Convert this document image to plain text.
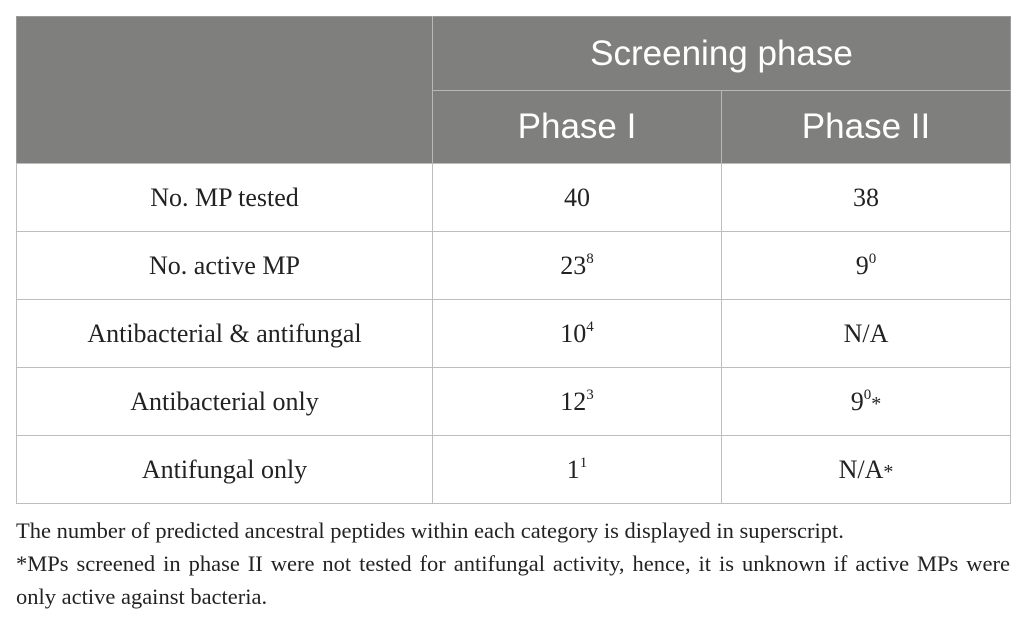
	Screening phase	
	Phase I	Phase II
No. MP tested	40	38
No. active MP	$23^8$	$9^0$
Antibacterial & antifungal	$10^4$	N/A
Antibacterial only	$12^3$	$9^0*$
Antifungal only	$1^1$	N/A*

The number of predicted ancestral peptides within each category is displayed in superscript.

*MPs screened in phase II were not tested for antifungal activity, hence, it is unknown if active MPs were only active against bacteria.
